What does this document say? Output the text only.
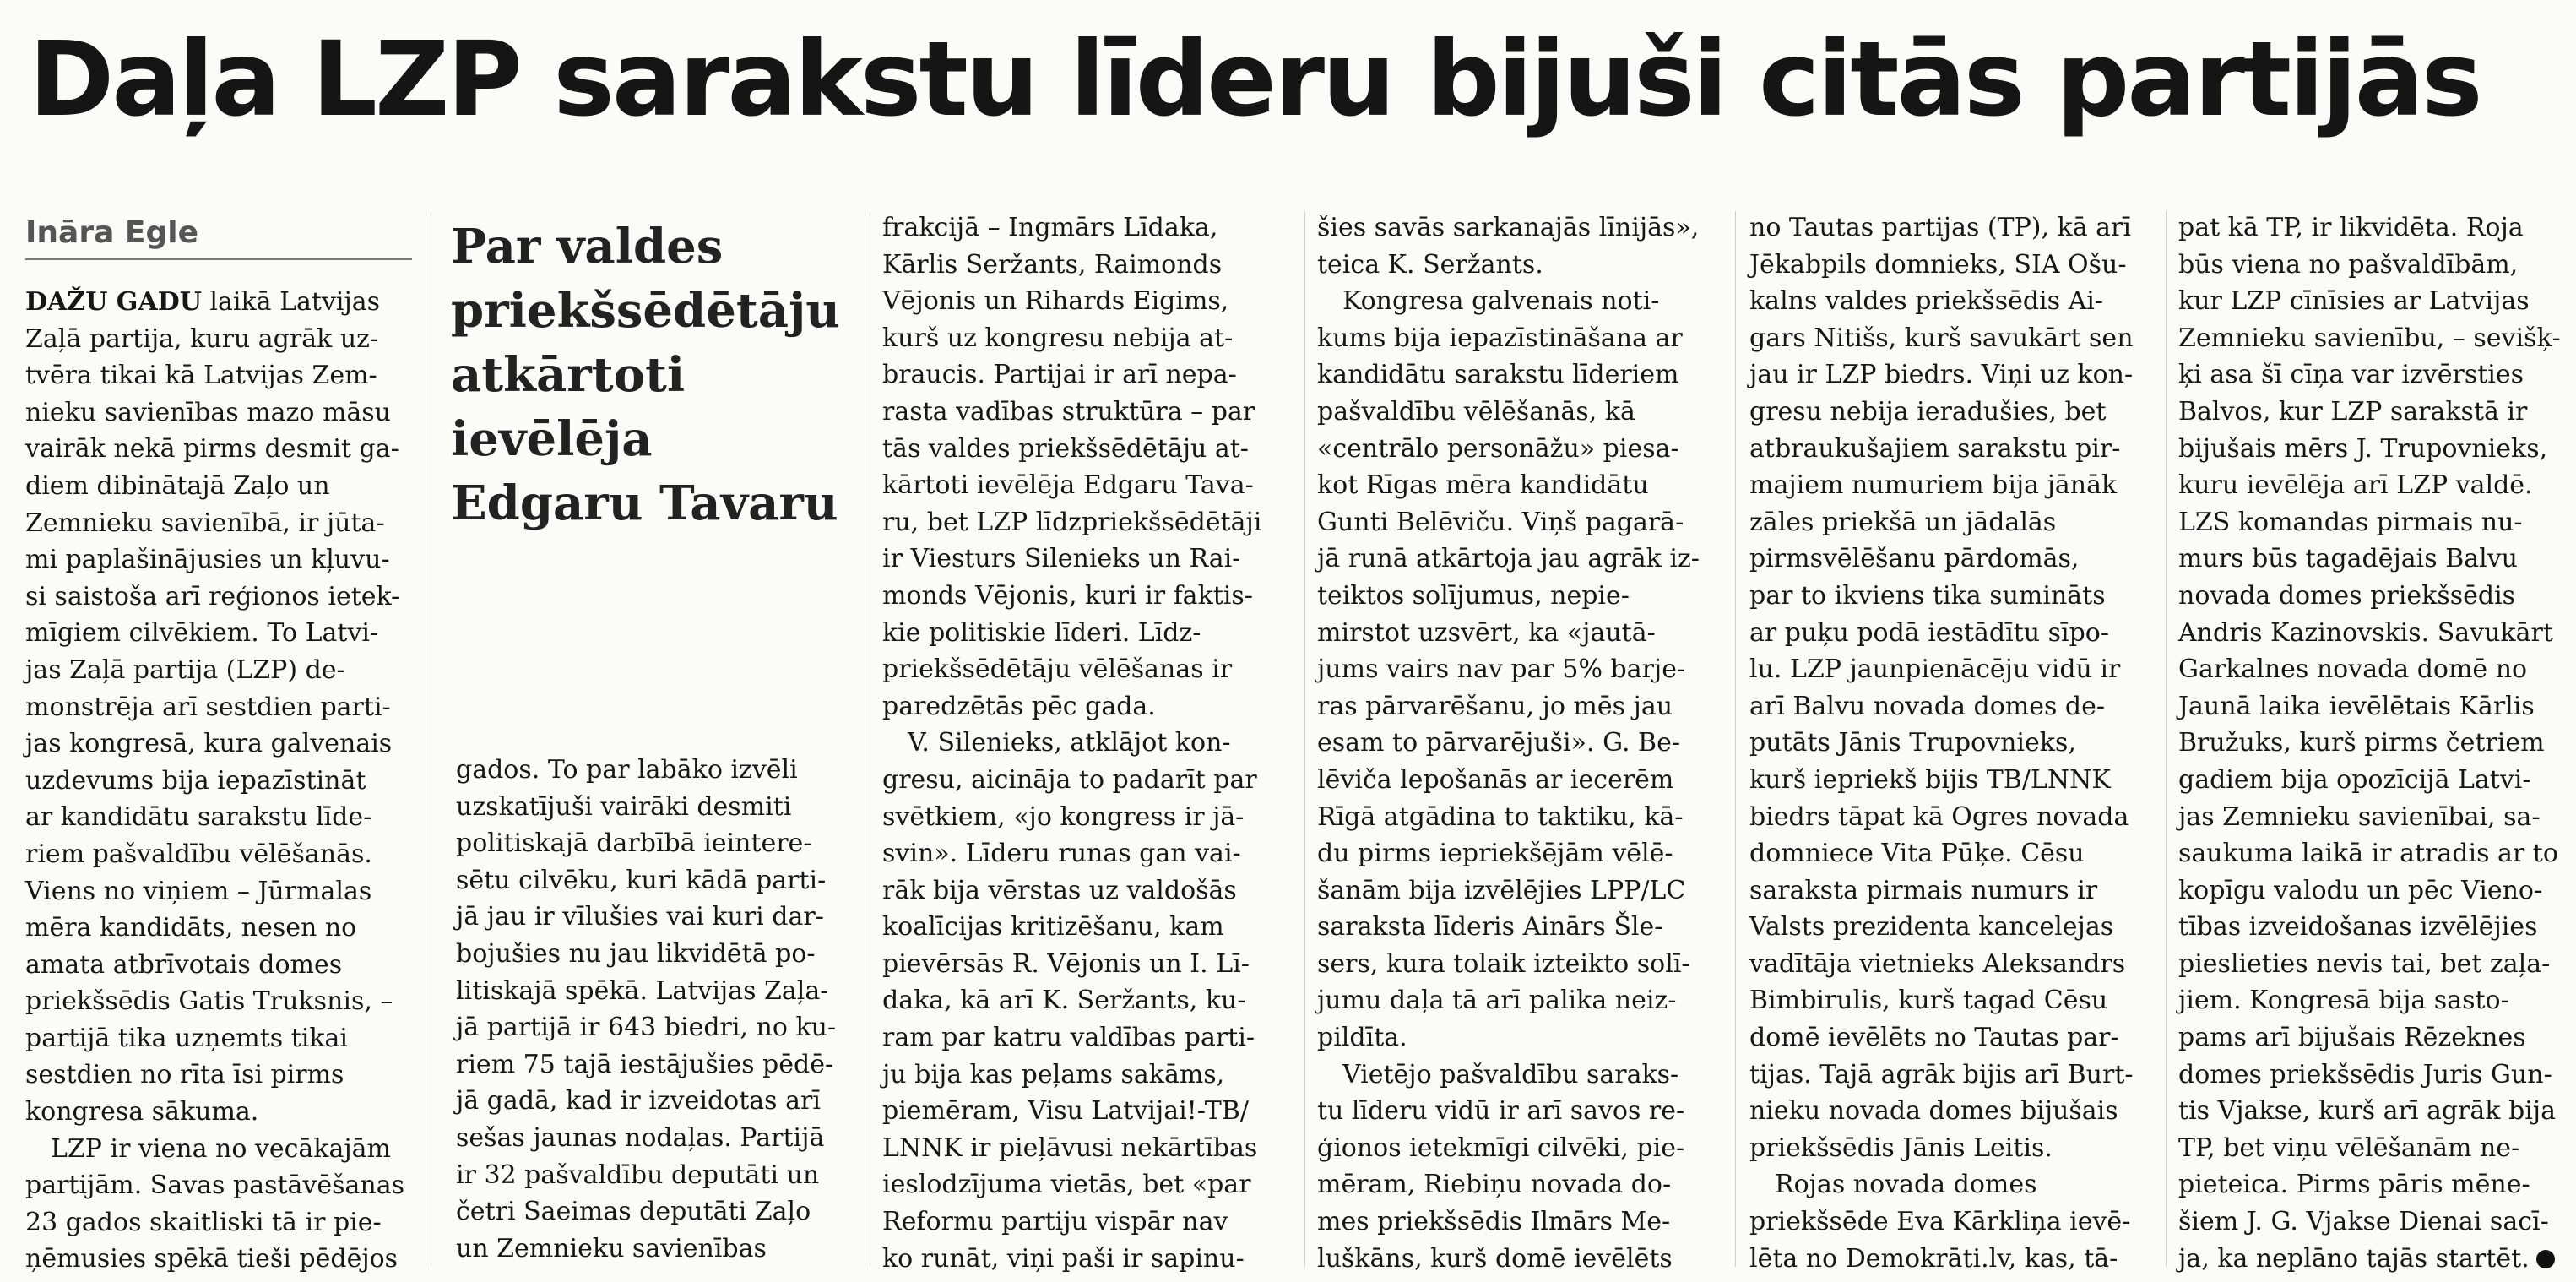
Daļa LZP sarakstu līderu bijuši citās partijās
Ināra Egle	Par valdes priekšsēdētāju atkārtoti ievēlēja Edgaru Tavaru

DAŽU GADU laikā Latvijas

Zaļā partija, kuru agrāk uz-

tvēra tikai kā Latvijas Zem-

nieku savienības mazo māsu

vairāk nekā pirms desmit ga-

diem dibinātajā Zaļo un

Zemnieku savienībā, ir jūta-

mi paplašinājusies un kļuvu-

si saistoša arī reģionos ietek-

mīgiem cilvēkiem. To Latvi-

jas Zaļā partija (LZP) de-

monstrēja arī sestdien parti-

jas kongresā, kura galvenais

uzdevums bija iepazīstināt

ar kandidātu sarakstu līde-

riem pašvaldību vēlēšanās.

Viens no viņiem – Jūrmalas

mēra kandidāts, nesen no

amata atbrīvotais domes

priekšsēdis Gatis Truksnis, –

partijā tika uzņemts tikai

sestdien no rīta īsi pirms

kongresa sākuma.

LZP ir viena no vecākajām

partijām. Savas pastāvēšanas

23 gados skaitliski tā ir pie-

ņēmusies spēkā tieši pēdējos

gados. To par labāko izvēli

uzskatījuši vairāki desmiti

politiskajā darbībā ieintere-

sētu cilvēku, kuri kādā parti-

jā jau ir vīlušies vai kuri dar-

bojušies nu jau likvidētā po-

litiskajā spēkā. Latvijas Zaļa-

jā partijā ir 643 biedri, no ku-

riem 75 tajā iestājušies pēdē-

jā gadā, kad ir izveidotas arī

sešas jaunas nodaļas. Partijā

ir 32 pašvaldību deputāti un

četri Saeimas deputāti Zaļo

un Zemnieku savienības

frakcijā – Ingmārs Līdaka,

Kārlis Seržants, Raimonds

Vējonis un Rihards Eigims,

kurš uz kongresu nebija at-

braucis. Partijai ir arī nepa-

rasta vadības struktūra – par

tās valdes priekšsēdētāju at-

kārtoti ievēlēja Edgaru Tava-

ru, bet LZP līdzpriekšsēdētāji

ir Viesturs Silenieks un Rai-

monds Vējonis, kuri ir faktis-

kie politiskie līderi. Līdz-

priekšsēdētāju vēlēšanas ir

paredzētās pēc gada.

V. Silenieks, atklājot kon-

gresu, aicināja to padarīt par

svētkiem, «jo kongress ir jā-

svin». Līderu runas gan vai-

rāk bija vērstas uz valdošās

koalīcijas kritizēšanu, kam

pievērsās R. Vējonis un I. Lī-

daka, kā arī K. Seržants, ku-

ram par katru valdības parti-

ju bija kas peļams sakāms,

piemēram, Visu Latvijai!-TB/

LNNK ir pieļāvusi nekārtības

ieslodzījuma vietās, bet «par

Reformu partiju vispār nav

ko runāt, viņi paši ir sapinu-

šies savās sarkanajās līnijās»,

teica K. Seržants.

Kongresa galvenais noti-

kums bija iepazīstināšana ar

kandidātu sarakstu līderiem

pašvaldību vēlēšanās, kā

«centrālo personāžu» piesa-

kot Rīgas mēra kandidātu

Gunti Belēviču. Viņš pagarā-

jā runā atkārtoja jau agrāk iz-

teiktos solījumus, nepie-

mirstot uzsvērt, ka «jautā-

jums vairs nav par 5% barje-

ras pārvarēšanu, jo mēs jau

esam to pārvarējuši». G. Be-

lēviča lepošanās ar iecerēm

Rīgā atgādina to taktiku, kā-

du pirms iepriekšējām vēlē-

šanām bija izvēlējies LPP/LC

saraksta līderis Ainārs Šle-

sers, kura tolaik izteikto solī-

jumu daļa tā arī palika neiz-

pildīta.

Vietējo pašvaldību saraks-

tu līderu vidū ir arī savos re-

ģionos ietekmīgi cilvēki, pie-

mēram, Riebiņu novada do-

mes priekšsēdis Ilmārs Me-

luškāns, kurš domē ievēlēts

no Tautas partijas (TP), kā arī

Jēkabpils domnieks, SIA Ošu-

kalns valdes priekšsēdis Ai-

gars Nitišs, kurš savukārt sen

jau ir LZP biedrs. Viņi uz kon-

gresu nebija ieradušies, bet

atbraukušajiem sarakstu pir-

majiem numuriem bija jānāk

zāles priekšā un jādalās

pirmsvēlēšanu pārdomās,

par to ikviens tika suminā​ts

ar puķu podā iestādītu sīpo-

lu. LZP jaunpienācēju vidū ir

arī Balvu novada domes de-

putāts Jānis Trupovnieks,

kurš iepriekš bijis TB/LNNK

biedrs tāpat kā Ogres novada

domniece Vita Pūķe. Cēsu

saraksta pirmais numurs ir

Valsts prezidenta kancelejas

vadītāja vietnieks Aleksandrs

Bimbirulis, kurš tagad Cēsu

domē ievēlēts no Tautas par-

tijas. Tajā agrāk bijis arī Burt-

nieku novada domes bijušais

priekšsēdis Jānis Leitis.

Rojas novada domes

priekšsēde Eva Kārkliņa ievē-

lēta no Demokrāti.lv, kas, tā-

pat kā TP, ir likvidēta. Roja

būs viena no pašvaldībām,

kur LZP cīnīsies ar Latvijas

Zemnieku savienību, – sevišķ-

ķi asa šī cīņa var izvērsties

Balvos, kur LZP sarakstā ir

bijušais mērs J. Trupovnieks,

kuru ievēlēja arī LZP valdē.

LZS komandas pirmais nu-

murs būs tagadējais Balvu

novada domes priekšsēdis

Andris Kazinovskis. Savukārt

Garkalnes novada domē no

Jaunā laika ievēlētais Kārlis

Bružuks, kurš pirms četriem

gadiem bija opozīcijā Latvi-

jas Zemnieku savienībai, sa-

saukuma laikā ir atradis ar to

kopīgu valodu un pēc Vieno-

tības izveidošanas izvēlējies

pieslieties nevis tai, bet zaļa-

jiem. Kongresā bija sasto-

pams arī bijušais Rēzeknes

domes priekšsēdis Juris Gun-

tis Vjakse, kurš arī agrāk bija

TP, bet viņu vēlēšanām ne-

pieteica. Pirms pāris mēne-

šiem J. G. Vjakse Dienai sacī-

ja, ka neplāno tajās startēt.
